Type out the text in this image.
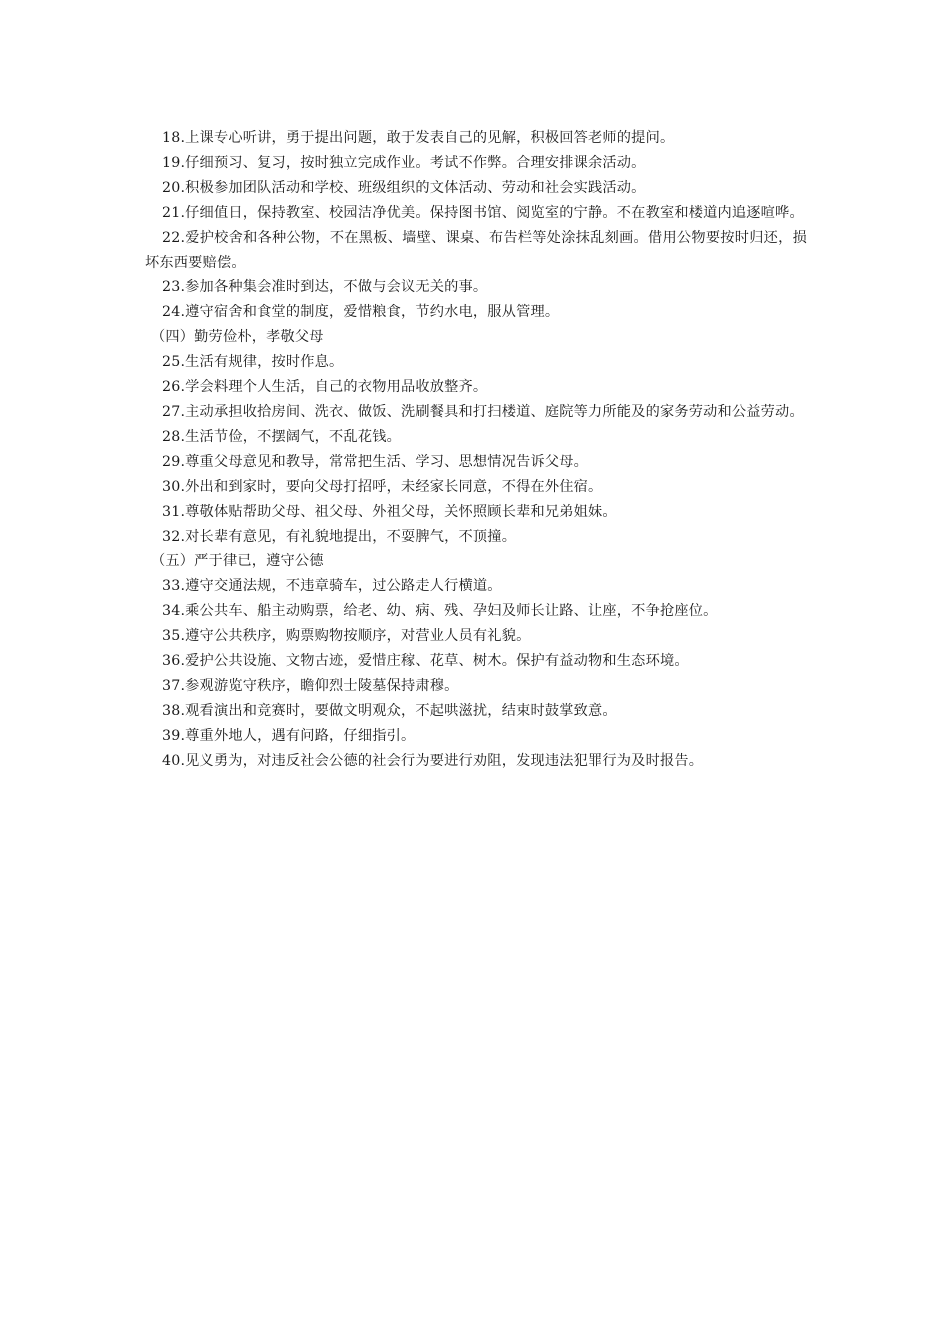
18.上课专心听讲，勇于提出问题，敢于发表自己的见解，积极回答老师的提问。

19.仔细预习、复习，按时独立完成作业。考试不作弊。合理安排课余活动。

20.积极参加团队活动和学校、班级组织的文体活动、劳动和社会实践活动。

21.仔细值日，保持教室、校园洁净优美。保持图书馆、阅览室的宁静。不在教室和楼道内追逐喧哗。

22.爱护校舍和各种公物，不在黑板、墙壁、课桌、布告栏等处涂抹乱刻画。借用公物要按时归还，损坏东西要赔偿。

23.参加各种集会准时到达，不做与会议无关的事。

24.遵守宿舍和食堂的制度，爱惜粮食，节约水电，服从管理。

（四）勤劳俭朴，孝敬父母

25.生活有规律，按时作息。

26.学会料理个人生活，自己的衣物用品收放整齐。

27.主动承担收拾房间、洗衣、做饭、洗刷餐具和打扫楼道、庭院等力所能及的家务劳动和公益劳动。

28.生活节俭，不摆阔气，不乱花钱。

29.尊重父母意见和教导，常常把生活、学习、思想情况告诉父母。

30.外出和到家时，要向父母打招呼，未经家长同意，不得在外住宿。

31.尊敬体贴帮助父母、祖父母、外祖父母，关怀照顾长辈和兄弟姐妹。

32.对长辈有意见，有礼貌地提出，不耍脾气，不顶撞。

（五）严于律已，遵守公德

33.遵守交通法规，不违章骑车，过公路走人行横道。

34.乘公共车、船主动购票，给老、幼、病、残、孕妇及师长让路、让座，不争抢座位。

35.遵守公共秩序，购票购物按顺序，对营业人员有礼貌。

36.爱护公共设施、文物古迹，爱惜庄稼、花草、树木。保护有益动物和生态环境。

37.参观游览守秩序，瞻仰烈士陵墓保持肃穆。

38.观看演出和竞赛时，要做文明观众，不起哄滋扰，结束时鼓掌致意。

39.尊重外地人，遇有问路，仔细指引。

40.见义勇为，对违反社会公德的社会行为要进行劝阻，发现违法犯罪行为及时报告。
